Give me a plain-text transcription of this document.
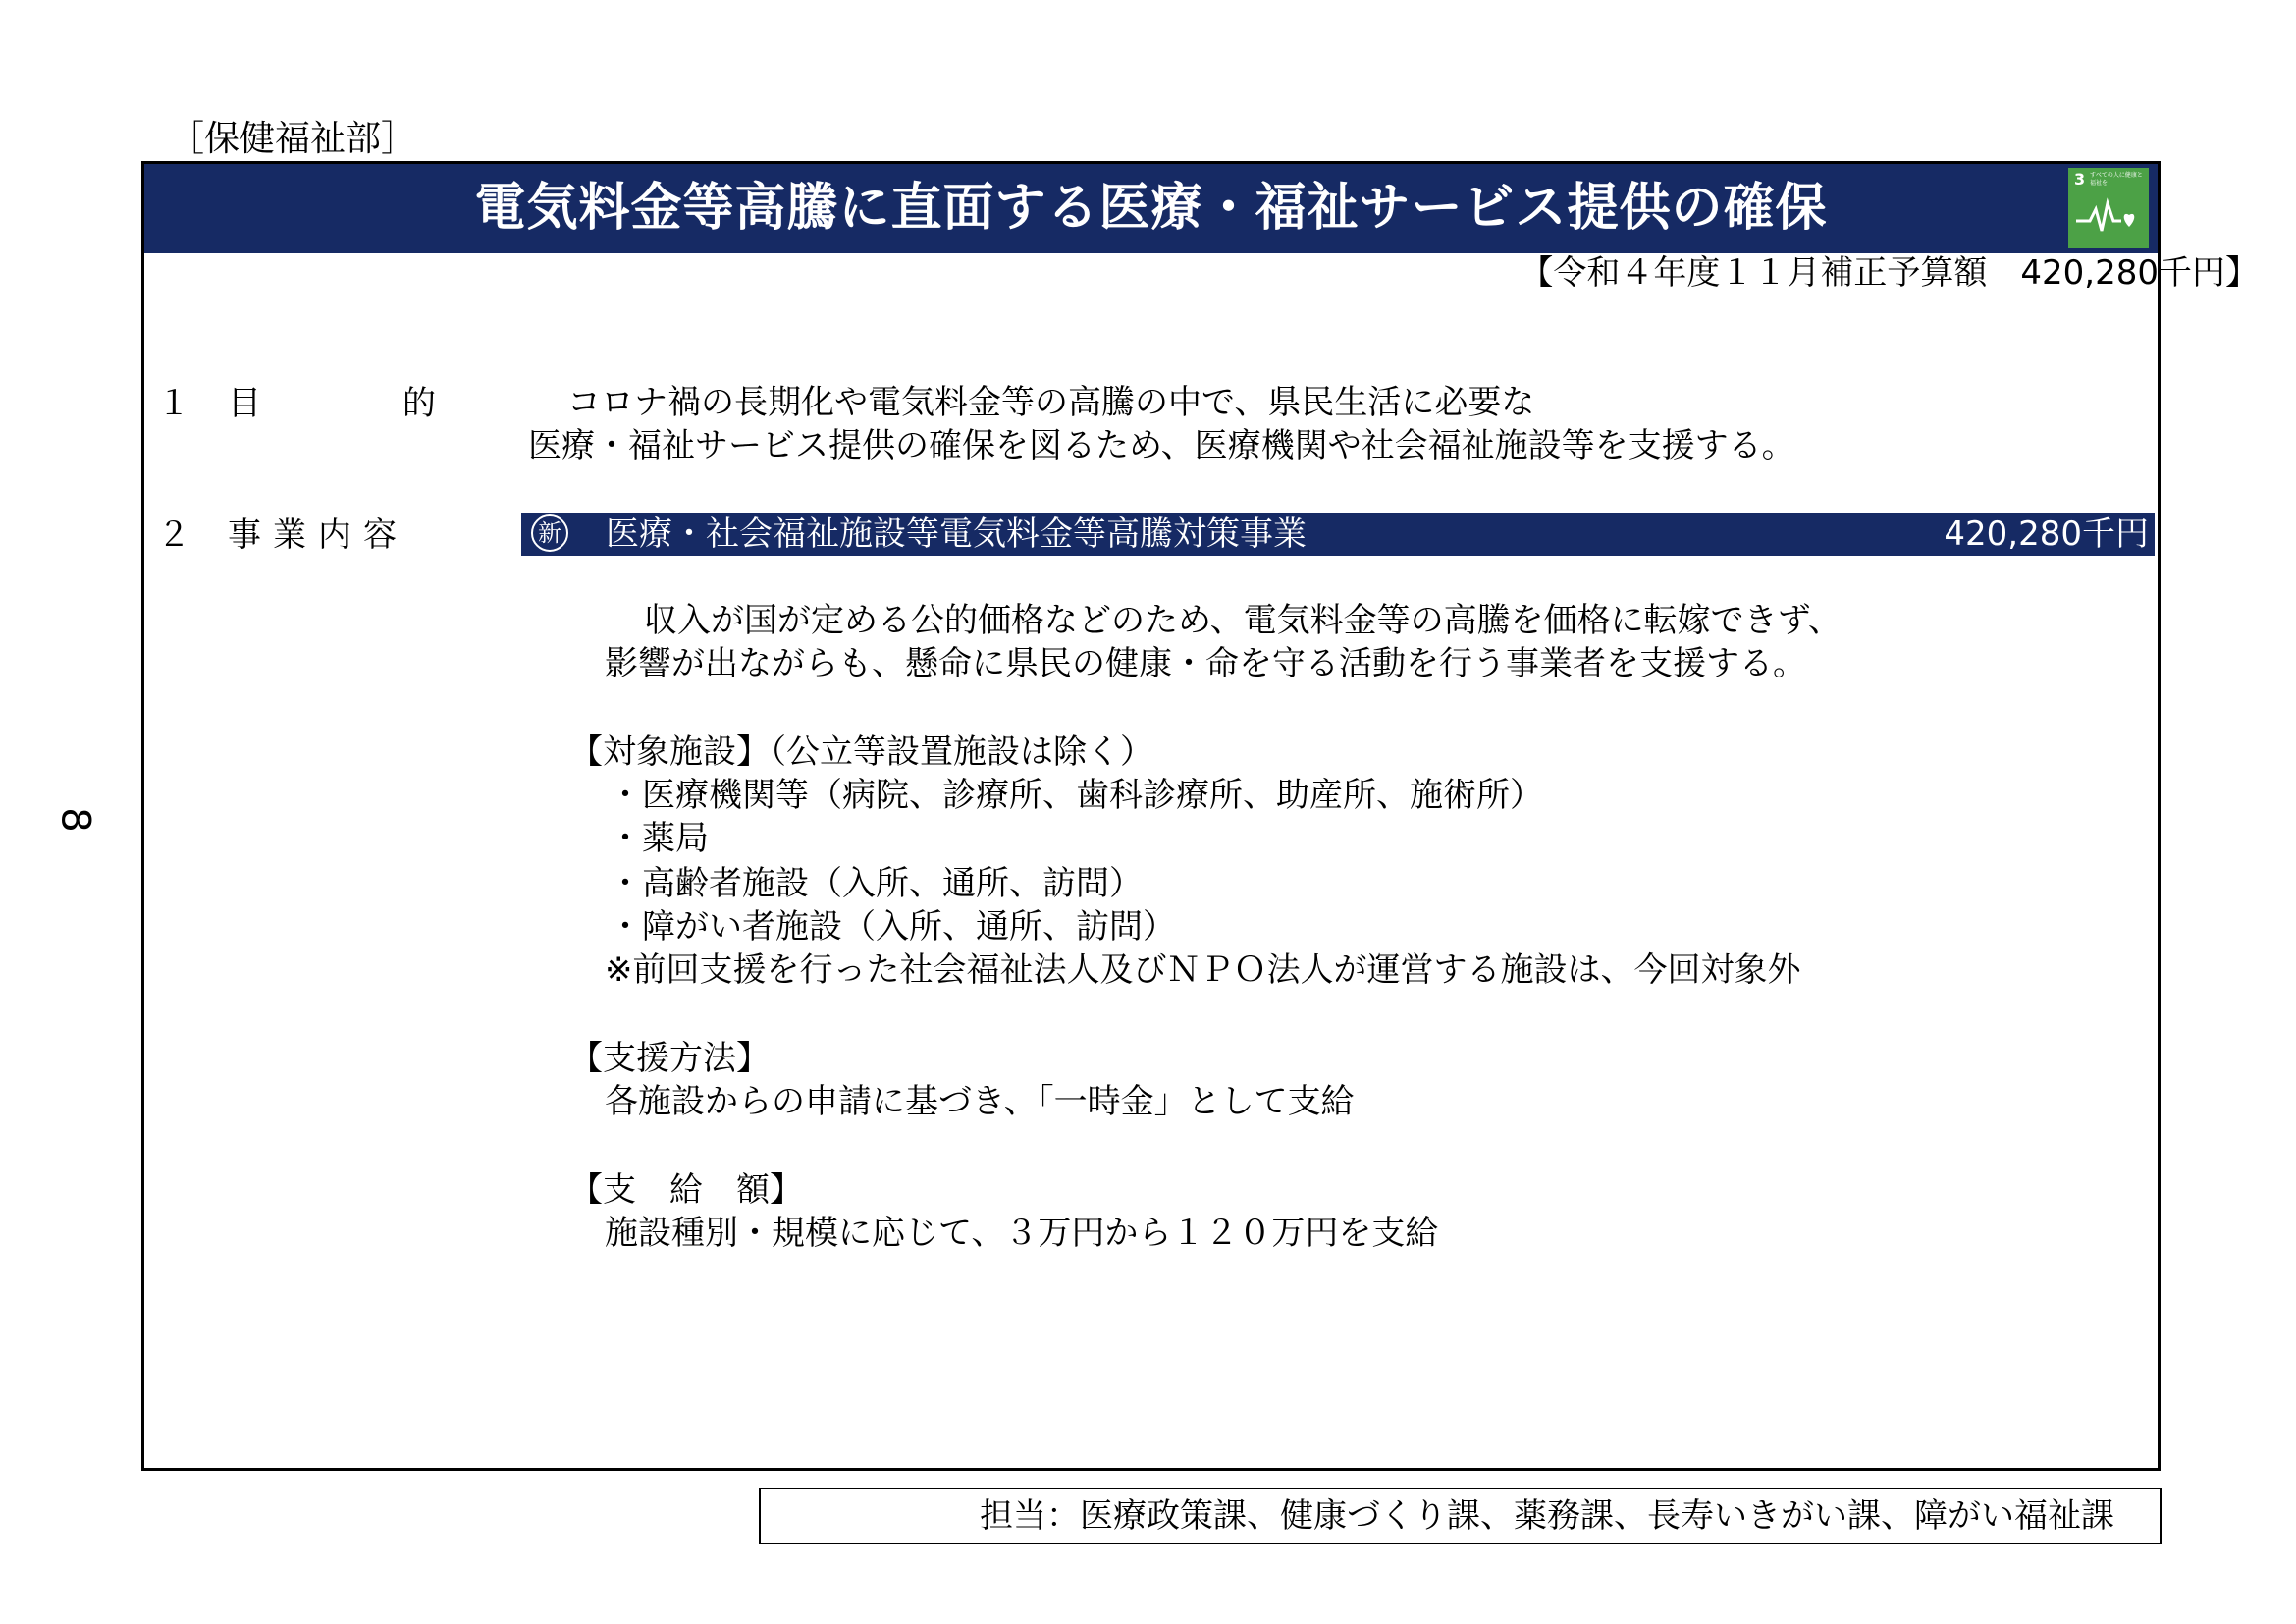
［保健福祉部］
電気料金等高騰に直面する医療・福祉サービス提供の確保	3 すべての人に健康と福祉を
【令和４年度１１月補正予算額　420,280千円】
１ 目	的	コロナ禍の長期化や電気料金等の高騰の中で、県民生活に必要な
医療・福祉サービス提供の確保を図るため、医療機関や社会福祉施設等を支援する。
２ 事業内容	新 医療・社会福祉施設等電気料金等高騰対策事業	420,280千円
収入が国が定める公的価格などのため、電気料金等の高騰を価格に転嫁できず、
影響が出ながらも、懸命に県民の健康・命を守る活動を行う事業者を支援する。
【対象施設】（公立等設置施設は除く）
・医療機関等（病院、診療所、歯科診療所、助産所、施術所）
・薬局
・高齢者施設（入所、通所、訪問）
・障がい者施設（入所、通所、訪問）
※前回支援を行った社会福祉法人及びＮＰＯ法人が運営する施設は、今回対象外
【支援方法】
各施設からの申請に基づき、「一時金」として支給
【支　給　額】
施設種別・規模に応じて、３万円から１２０万円を支給
8
担当：医療政策課、健康づくり課、薬務課、長寿いきがい課、障がい福祉課
